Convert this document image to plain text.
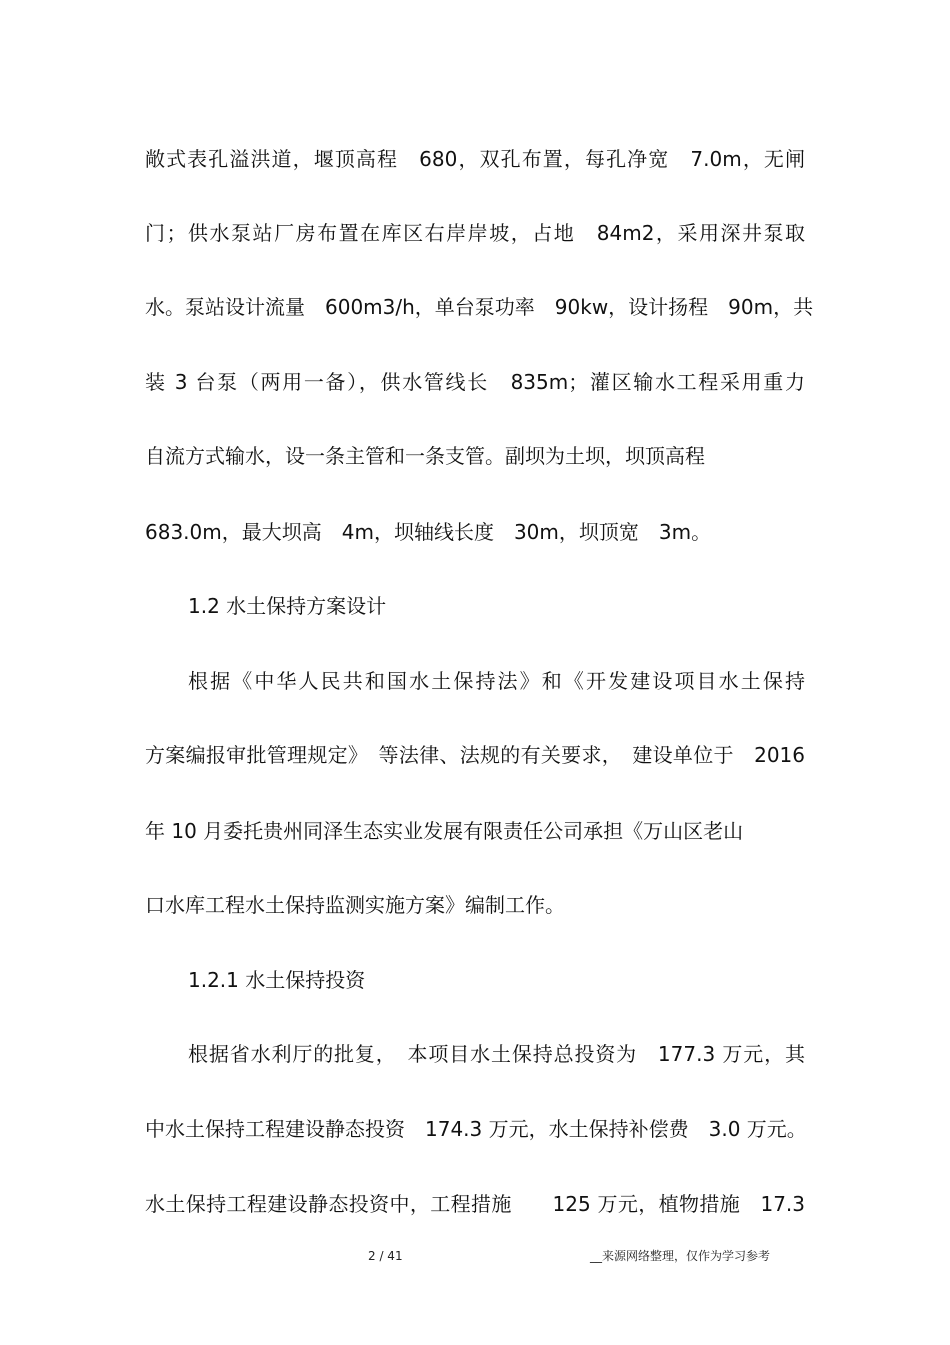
敞式表孔溢洪道，堰顶高程　680，双孔布置，每孔净宽　7.0m，无闸
门；供水泵站厂房布置在库区右岸岸坡，占地　84m2，采用深井泵取
水。泵站设计流量　600m3/h，单台泵功率　90kw，设计扬程　90m，共
装 3 台泵（两用一备），供水管线长　835m；灌区输水工程采用重力
自流方式输水，设一条主管和一条支管。副坝为土坝，坝顶高程
683.0m，最大坝高　4m，坝轴线长度　30m，坝顶宽　3m。
1.2 水土保持方案设计
根据《中华人民共和国水土保持法》和《开发建设项目水土保持
方案编报审批管理规定》　等法律、法规的有关要求，　建设单位于　2016
年 10 月委托贵州同泽生态实业发展有限责任公司承担《万山区老山
口水库工程水土保持监测实施方案》编制工作。
1.2.1 水土保持投资
根据省水利厅的批复，　本项目水土保持总投资为　177.3 万元，其
中水土保持工程建设静态投资　174.3 万元，水土保持补偿费　3.0 万元。
水土保持工程建设静态投资中，工程措施　　125 万元，植物措施　17.3
2 / 41	__来源网络整理，仅作为学习参考
